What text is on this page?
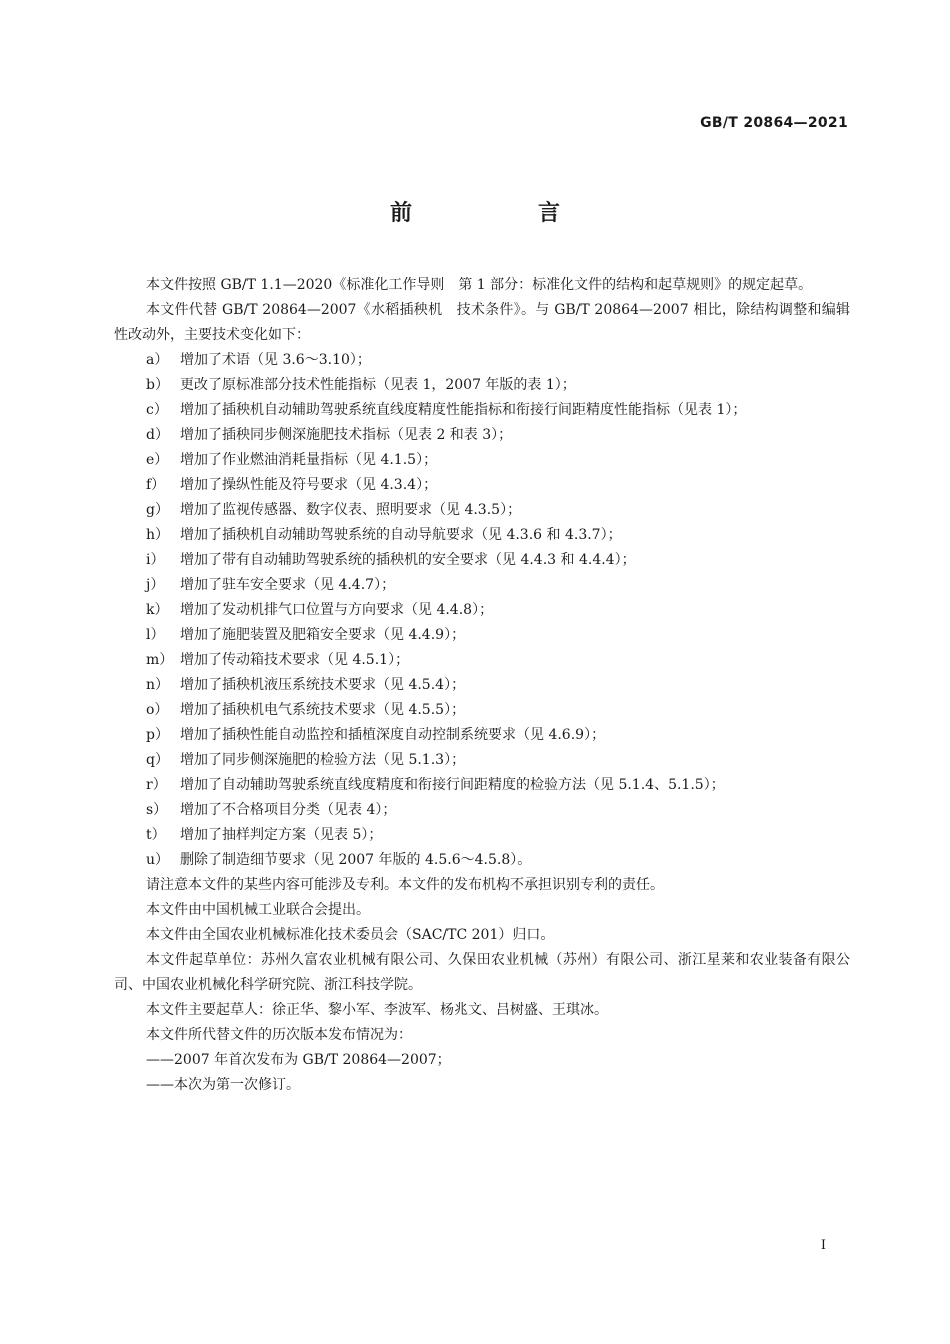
GB/T 20864—2021
前　言

本文件按照 GB/T 1.1—2020《标准化工作导则　第 1 部分：标准化文件的结构和起草规则》的规定起草。

本文件代替 GB/T 20864—2007《水稻插秧机　技术条件》。与 GB/T 20864—2007 相比，除结构调整和编辑性改动外，主要技术变化如下：

a） 增加了术语（见 3.6～3.10）；

b） 更改了原标准部分技术性能指标（见表 1，2007 年版的表 1）；

c） 增加了插秧机自动辅助驾驶系统直线度精度性能指标和衔接行间距精度性能指标（见表 1）；

d） 增加了插秧同步侧深施肥技术指标（见表 2 和表 3）；

e） 增加了作业燃油消耗量指标（见 4.1.5）；

f） 增加了操纵性能及符号要求（见 4.3.4）；

g） 增加了监视传感器、数字仪表、照明要求（见 4.3.5）；

h） 增加了插秧机自动辅助驾驶系统的自动导航要求（见 4.3.6 和 4.3.7）；

i） 增加了带有自动辅助驾驶系统的插秧机的安全要求（见 4.4.3 和 4.4.4）；

j） 增加了驻车安全要求（见 4.4.7）；

k） 增加了发动机排气口位置与方向要求（见 4.4.8）；

l） 增加了施肥装置及肥箱安全要求（见 4.4.9）；

m） 增加了传动箱技术要求（见 4.5.1）；

n） 增加了插秧机液压系统技术要求（见 4.5.4）；

o） 增加了插秧机电气系统技术要求（见 4.5.5）；

p） 增加了插秧性能自动监控和插植深度自动控制系统要求（见 4.6.9）；

q） 增加了同步侧深施肥的检验方法（见 5.1.3）；

r） 增加了自动辅助驾驶系统直线度精度和衔接行间距精度的检验方法（见 5.1.4、5.1.5）；

s） 增加了不合格项目分类（见表 4）；

t） 增加了抽样判定方案（见表 5）；

u） 删除了制造细节要求（见 2007 年版的 4.5.6～4.5.8）。

请注意本文件的某些内容可能涉及专利。本文件的发布机构不承担识别专利的责任。

本文件由中国机械工业联合会提出。

本文件由全国农业机械标准化技术委员会（SAC/TC 201）归口。

本文件起草单位：苏州久富农业机械有限公司、久保田农业机械（苏州）有限公司、浙江星莱和农业装备有限公司、中国农业机械化科学研究院、浙江科技学院。

本文件主要起草人：徐正华、黎小军、李波军、杨兆文、吕树盛、王琪冰。

本文件所代替文件的历次版本发布情况为：

——2007 年首次发布为 GB/T 20864—2007；

——本次为第一次修订。

I
